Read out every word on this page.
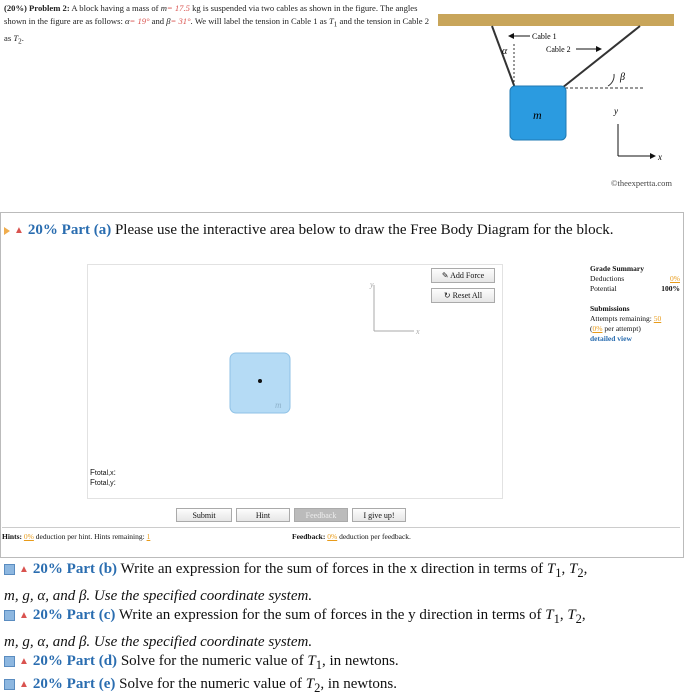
(20%) Problem 2: A block having a mass of m= 17.5 kg is suspended via two cables as shown in the figure. The angles shown in the figure are as follows: α= 19° and β= 31°. We will label the tension in Cable 1 as $T_1$ and the tension in Cable 2 as $T_2$.
α
β
Cable 1
Cable 2
m	y
x
©theexpertta.com
▲ 20% Part (a) Please use the interactive area below to draw the Free Body Diagram for the block.
y
x
m
Ftotal,x:
Ftotal,y:
✎ Add Force
↻ Reset All
Grade Summary
Deductions	0%
Potential	100%
Submissions
Attempts remaining: 50
(0% per attempt)
detailed view
Submit	Hint	Feedback	I give up!
Hints: 0% deduction per hint. Hints remaining: 1	Feedback: 0% deduction per feedback.
▲ 20% Part (b) Write an expression for the sum of forces in the x direction in terms of $T_1$, $T_2$,
m, g, α, and β. Use the specified coordinate system.
▲ 20% Part (c) Write an expression for the sum of forces in the y direction in terms of $T_1$, $T_2$,
m, g, α, and β. Use the specified coordinate system.
▲ 20% Part (d) Solve for the numeric value of $T_1$, in newtons.
▲ 20% Part (e) Solve for the numeric value of $T_2$, in newtons.
